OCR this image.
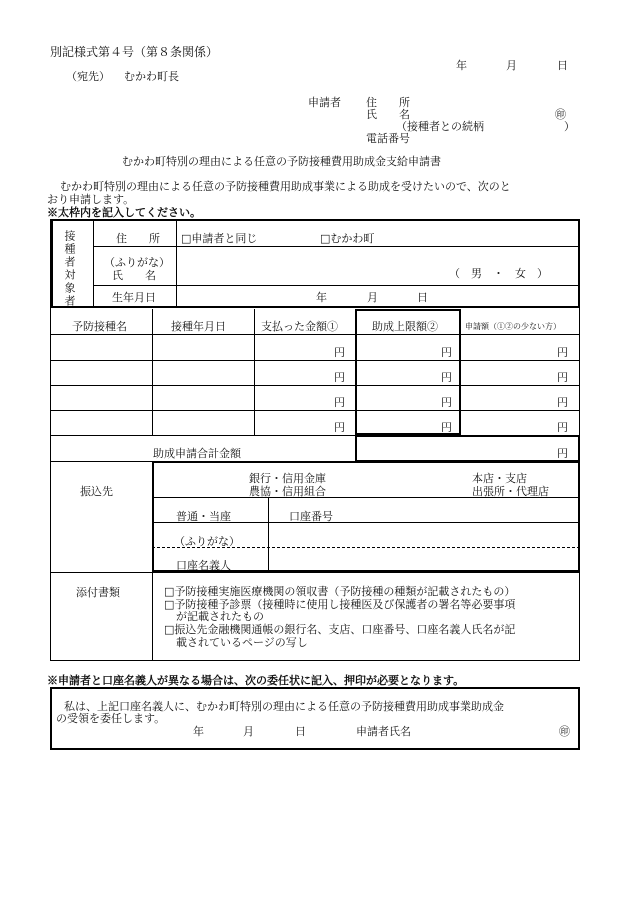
別記様式第４号（第８条関係）
年	月	日
（宛先） むかわ町長
申請者 住　　所
氏　　名	㊞
（接種者との続柄	）
電話番号
むかわ町特別の理由による任意の予防接種費用助成金支給申請書
むかわ町特別の理由による任意の予防接種費用助成事業による助成を受けたいので、次のと
おり申請します。
※太枠内を記入してください。
接種者対象者	住　　所 □申請者と同じ	□むかわ町
（ふりがな）
氏　　名	（　男　・　女　）
生年月日	年	月	日
予防接種名	接種年月日	支払った金額①	助成上限額②	申請額（①②の少ない方）
円	円	円
円	円	円
円	円	円
円	円	円
助成申請合計金額	円
振込先
銀行・信用金庫
農協・信用組合
本店・支店
出張所・代理店
普通・当座	口座番号
（ふりがな）
口座名義人
添付書類	□予防接種実施医療機関の領収書（予防接種の種類が記載されたもの）
□予防接種予診票（接種時に使用し接種医及び保護者の署名等必要事項
が記載されたもの
□振込先金融機関通帳の銀行名、支店、口座番号、口座名義人氏名が記
載されているページの写し
※申請者と口座名義人が異なる場合は、次の委任状に記入、押印が必要となります。
私は、上記口座名義人に、むかわ町特別の理由による任意の予防接種費用助成事業助成金
の受領を委任します。
年	月	日	申請者氏名	㊞
